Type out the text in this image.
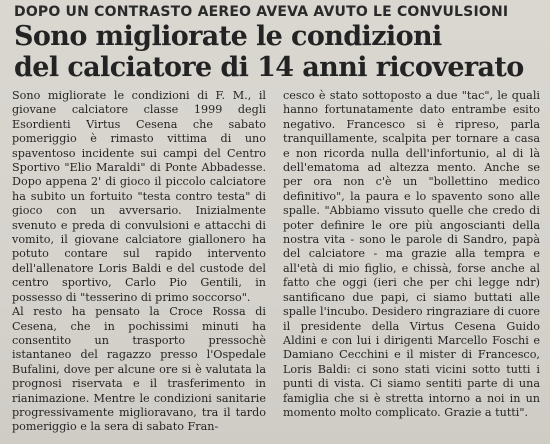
DOPO UN CONTRASTO AEREO AVEVA AVUTO LE CONVULSIONI
Sono migliorate le condizioni
del calciatore di 14 anni ricoverato

Sono migliorate le condizioni di F. M., il giovane calciatore classe 1999 degli Esordienti Virtus Cesena che sabato pomeriggio è rimasto vittima di uno spaventoso incidente sui campi del Centro Sportivo "Elio Maraldi" di Ponte Abbadesse. Dopo appena 2' di gioco il piccolo calciatore ha subito un fortuito "testa contro testa" di gioco con un avversario. Inizialmente svenuto e preda di convulsioni e attacchi di vomito, il giovane calciatore giallonero ha potuto contare sul rapido intervento dell'allenatore Loris Baldi e del custode del centro sportivo, Carlo Pio Gentili, in possesso di "tesserino di primo soccorso".

Al resto ha pensato la Croce Rossa di Cesena, che in pochissimi minuti ha consentito un trasporto pressochè istantaneo del ragazzo presso l'Ospedale Bufalini, dove per alcune ore si è valutata la prognosi riservata e il trasferimento in rianimazione. Mentre le condizioni sanitarie progressivamente miglioravano, tra il tardo pomeriggio e la sera di sabato Fran-

cesco è stato sottoposto a due "tac", le quali hanno fortunatamente dato entrambe esito negativo. Francesco si è ripreso, parla tranquillamente, scalpita per tornare a casa e non ricorda nulla dell'infortunio, al di là dell'ematoma ad altezza mento. Anche se per ora non c'è un "bollettino medico definitivo", la paura e lo spavento sono alle spalle. "Abbiamo vissuto quelle che credo di poter definire le ore più angoscianti della nostra vita - sono le parole di Sandro, papà del calciatore - ma grazie alla tempra e all'età di mio figlio, e chissà, forse anche al fatto che oggi (ieri che per chi legge ndr) santificano due papi, ci siamo buttati alle spalle l'incubo. Desidero ringraziare di cuore il presidente della Virtus Cesena Guido Aldini e con lui i dirigenti Marcello Foschi e Damiano Cecchini e il mister di Francesco, Loris Baldi: ci sono stati vicini sotto tutti i punti di vista. Ci siamo sentiti parte di una famiglia che si è stretta intorno a noi in un momento molto complicato. Grazie a tutti".
